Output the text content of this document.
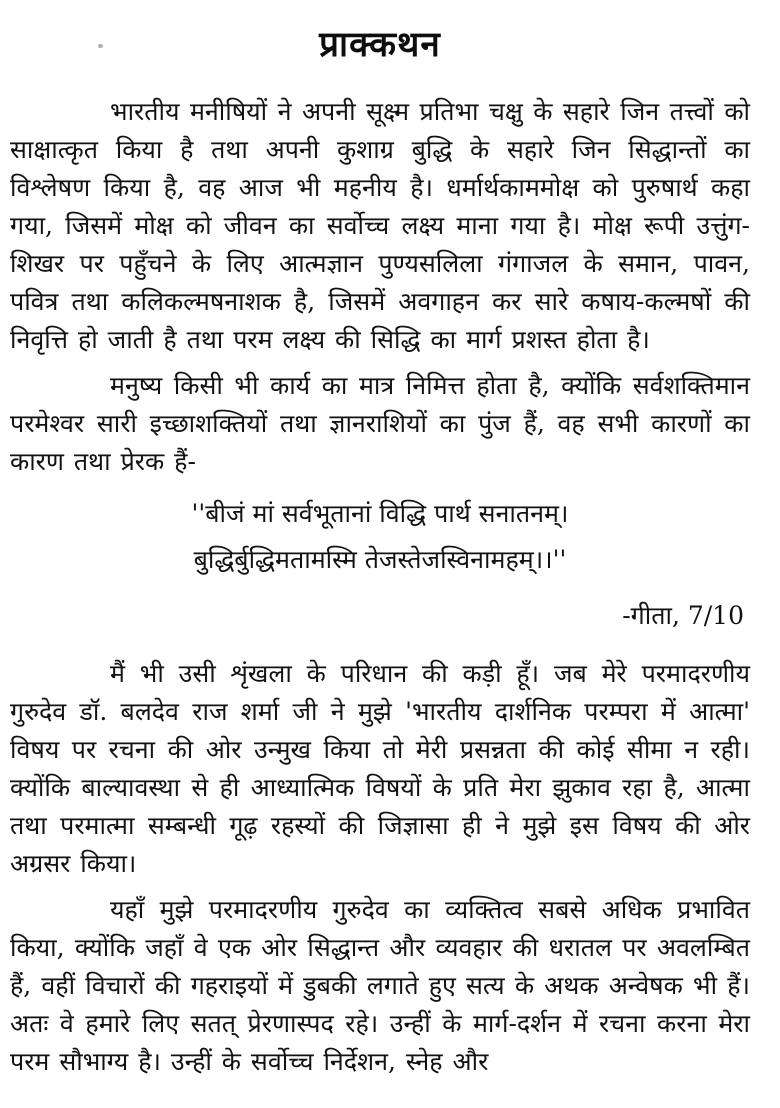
प्राक्कथन

भारतीय मनीषियों ने अपनी सूक्ष्म प्रतिभा चक्षु के सहारे जिन तत्त्वों को साक्षात्कृत किया है तथा अपनी कुशाग्र बुद्धि के सहारे जिन सिद्धान्तों का विश्लेषण किया है, वह आज भी महनीय है। धर्मार्थकाममोक्ष को पुरुषार्थ कहा गया, जिसमें मोक्ष को जीवन का सर्वोच्च लक्ष्य माना गया है। मोक्ष रूपी उत्तुंग-शिखर पर पहुँचने के लिए आत्मज्ञान पुण्यसलिला गंगाजल के समान, पावन, पवित्र तथा कलिकल्मषनाशक है, जिसमें अवगाहन कर सारे कषाय-कल्मषों की निवृत्ति हो जाती है तथा परम लक्ष्य की सिद्धि का मार्ग प्रशस्त होता है।

मनुष्य किसी भी कार्य का मात्र निमित्त होता है, क्योंकि सर्वशक्तिमान परमेश्वर सारी इच्छाशक्तियों तथा ज्ञानराशियों का पुंज हैं, वह सभी कारणों का कारण तथा प्रेरक हैं-

''बीजं मां सर्वभूतानां विद्धि पार्थ सनातनम्।
बुद्धिर्बुद्धिमतामस्मि तेजस्तेजस्विनामहम्।।''
-गीता, 7/10

मैं भी उसी शृंखला के परिधान की कड़ी हूँ। जब मेरे परमादरणीय गुरुदेव डॉ. बलदेव राज शर्मा जी ने मुझे 'भारतीय दार्शनिक परम्परा में आत्मा' विषय पर रचना की ओर उन्मुख किया तो मेरी प्रसन्नता की कोई सीमा न रही। क्योंकि बाल्यावस्था से ही आध्यात्मिक विषयों के प्रति मेरा झुकाव रहा है, आत्मा तथा परमात्मा सम्बन्धी गूढ़ रहस्यों की जिज्ञासा ही ने मुझे इस विषय की ओर अग्रसर किया।

यहाँ मुझे परमादरणीय गुरुदेव का व्यक्तित्व सबसे अधिक प्रभावित किया, क्योंकि जहाँ वे एक ओर सिद्धान्त और व्यवहार की धरातल पर अवलम्बित हैं, वहीं विचारों की गहराइयों में डुबकी लगाते हुए सत्य के अथक अन्वेषक भी हैं। अतः वे हमारे लिए सतत् प्रेरणास्पद रहे। उन्हीं के मार्ग-दर्शन में रचना करना मेरा परम सौभाग्य है। उन्हीं के सर्वोच्च निर्देशन, स्नेह और
